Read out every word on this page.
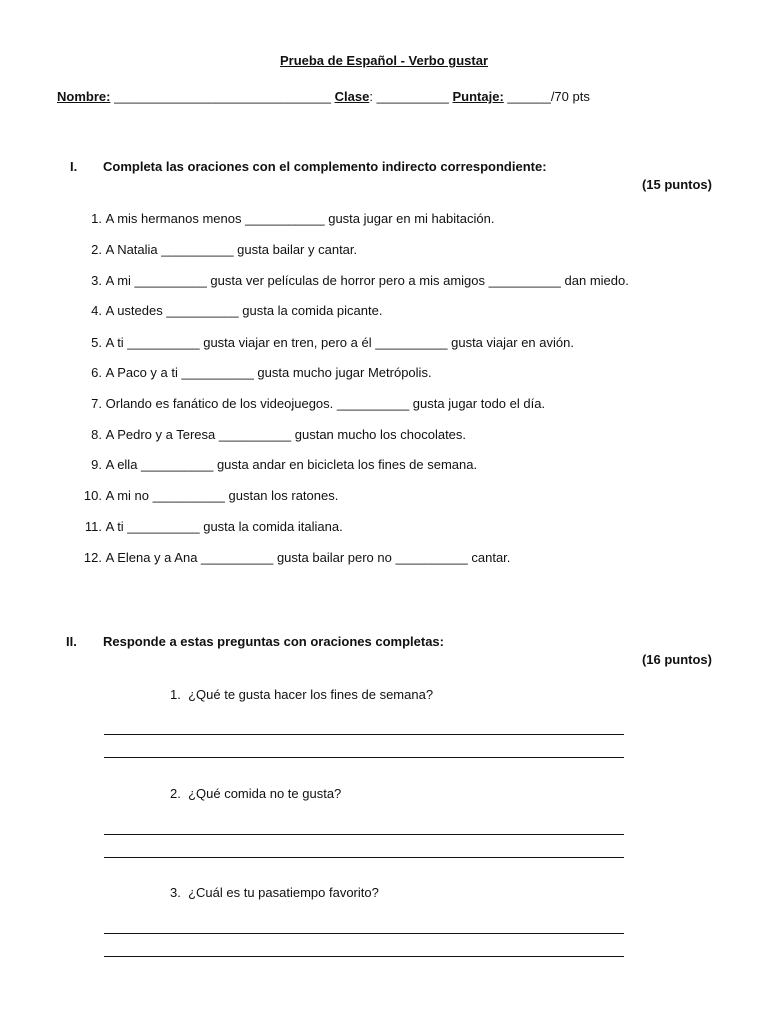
Prueba de Español - Verbo gustar
Nombre: ______________________________ Clase: __________ Puntaje: ______/70 pts
I. Completa las oraciones con el complemento indirecto correspondiente:
(15 puntos)
1. A mis hermanos menos ___________ gusta jugar en mi habitación.
2. A Natalia __________ gusta bailar y cantar.
3. A mi __________ gusta ver películas de horror pero a mis amigos __________ dan miedo.
4. A ustedes __________ gusta la comida picante.
5. A ti __________ gusta viajar en tren, pero a él __________ gusta viajar en avión.
6. A Paco y a ti __________ gusta mucho jugar Metrópolis.
7. Orlando es fanático de los videojuegos. __________ gusta jugar todo el día.
8. A Pedro y a Teresa __________ gustan mucho los chocolates.
9. A ella __________ gusta andar en bicicleta los fines de semana.
10. A mi no __________ gustan los ratones.
11. A ti __________ gusta la comida italiana.
12. A Elena y a Ana __________ gusta bailar pero no __________ cantar.
II. Responde a estas preguntas con oraciones completas:
(16 puntos)
1. ¿Qué te gusta hacer los fines de semana?
2. ¿Qué comida no te gusta?
3. ¿Cuál es tu pasatiempo favorito?
